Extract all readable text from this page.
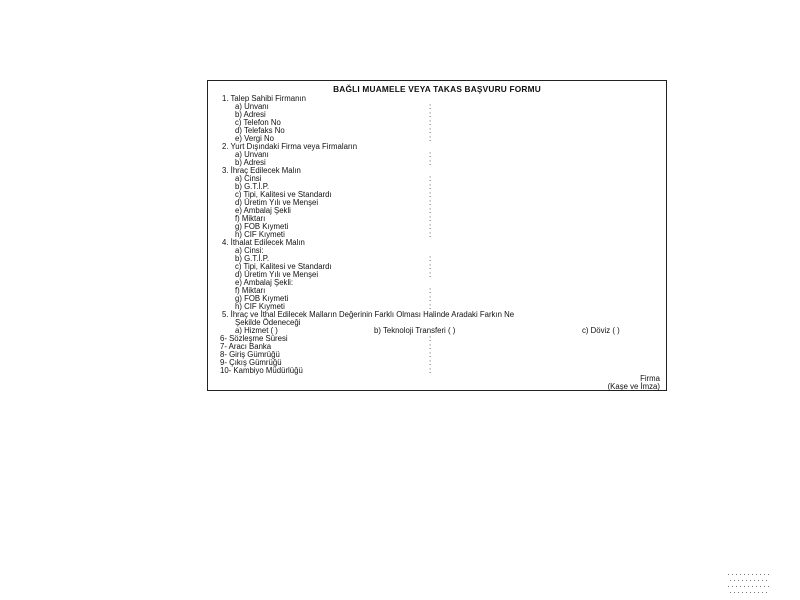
BAĞLI MUAMELE VEYA TAKAS BAŞVURU FORMU
1. Talep Sahibi Firmanın
a) Unvanı
b) Adresi
c) Telefon No
d) Telefaks No
e) Vergi No
2. Yurt Dışındaki Firma veya Firmaların
a) Unvanı
b) Adresi
3. İhraç Edilecek Malın
a) Cinsi
b) G.T.İ.P.
c) Tipi, Kalitesi ve Standardı
d) Üretim Yılı ve Menşei
e) Ambalaj Şekli
f) Miktarı
g) FOB Kıymeti
h) CIF Kıymeti
4. İthalat Edilecek Malın
a) Cinsi:
b) G.T.İ.P.
c) Tipi, Kalitesi ve Standardı
d) Üretim Yılı ve Menşei
e) Ambalaj Şekli:
f) Miktarı
g) FOB Kıymeti
h) CIF Kıymeti
5. İhraç ve İthal Edilecek Malların Değerinin Farklı Olması Halinde Aradaki Farkın Ne
Şekilde Ödeneceği
a) Hizmet ( )	b) Teknoloji Transferi ( )	c) Döviz ( )
6- Sözleşme Süresi
7- Aracı Banka
8- Giriş Gümrüğü
9- Çıkış Gümrüğü
10- Kambiyo Müdürlüğü
:
:
:
:
:
:
:
:
:
:
:
:
:
:
:
:
:
:
:
:
:
:
:
:
:
:
Firma
(Kaşe ve İmza)
